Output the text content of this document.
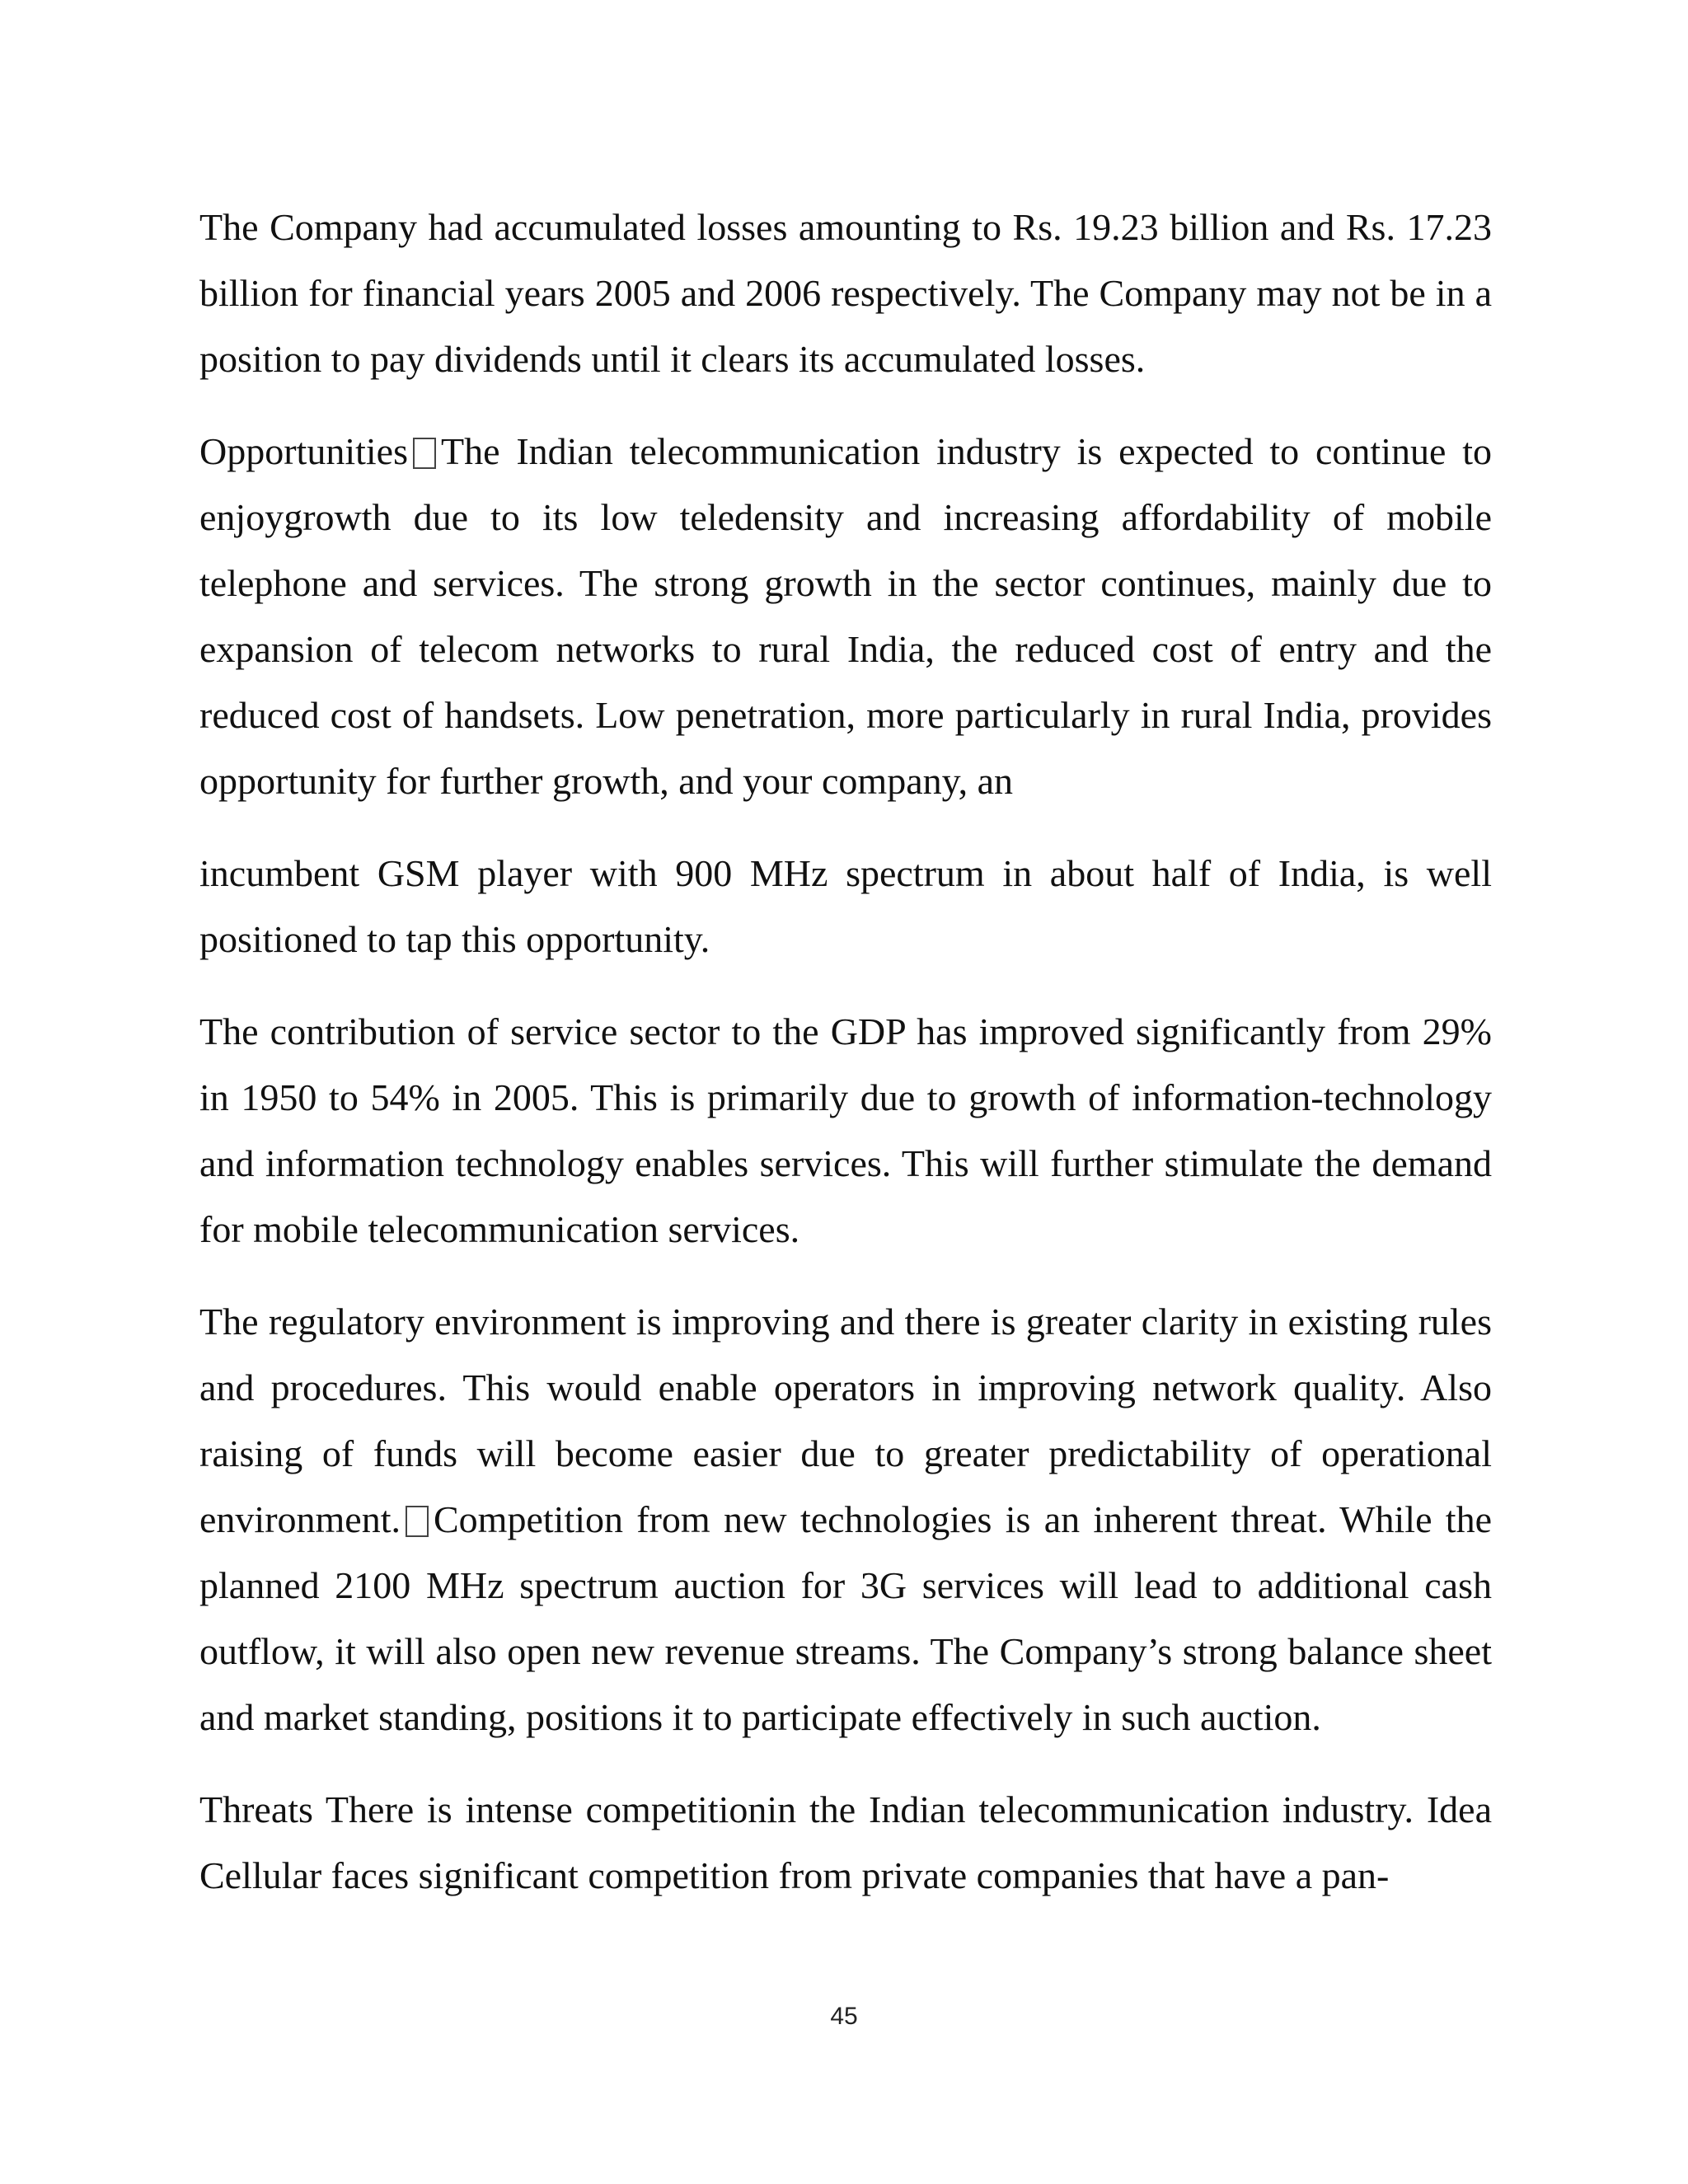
The Company had accumulated losses amounting to Rs. 19.23 billion and Rs. 17.23 billion for financial years 2005 and 2006 respectively. The Company may not be in a position to pay dividends until it clears its accumulated losses.

Opportunities The Indian telecommunication industry is expected to continue to enjoygrowth due to its low teledensity and increasing affordability of mobile telephone and services. The strong growth in the sector continues, mainly due to expansion of telecom networks to rural India, the reduced cost of entry and the reduced cost of handsets. Low penetration, more particularly in rural India, provides opportunity for further growth, and your company, an

incumbent GSM player with 900 MHz spectrum in about half of India, is well positioned to tap this opportunity.

The contribution of service sector to the GDP has improved significantly from 29% in 1950 to 54% in 2005. This is primarily due to growth of information-technology and information technology enables services. This will further stimulate the demand for mobile telecommunication services.

The regulatory environment is improving and there is greater clarity in existing rules and procedures. This would enable operators in improving network quality. Also raising of funds will become easier due to greater predictability of operational environment. Competition from new technologies is an inherent threat. While the planned 2100 MHz spectrum auction for 3G services will lead to additional cash outflow, it will also open new revenue streams. The Company’s strong balance sheet and market standing, positions it to participate effectively in such auction.

Threats There is intense competitionin the Indian telecommunication industry. Idea Cellular faces significant competition from private companies that have a pan-

45
